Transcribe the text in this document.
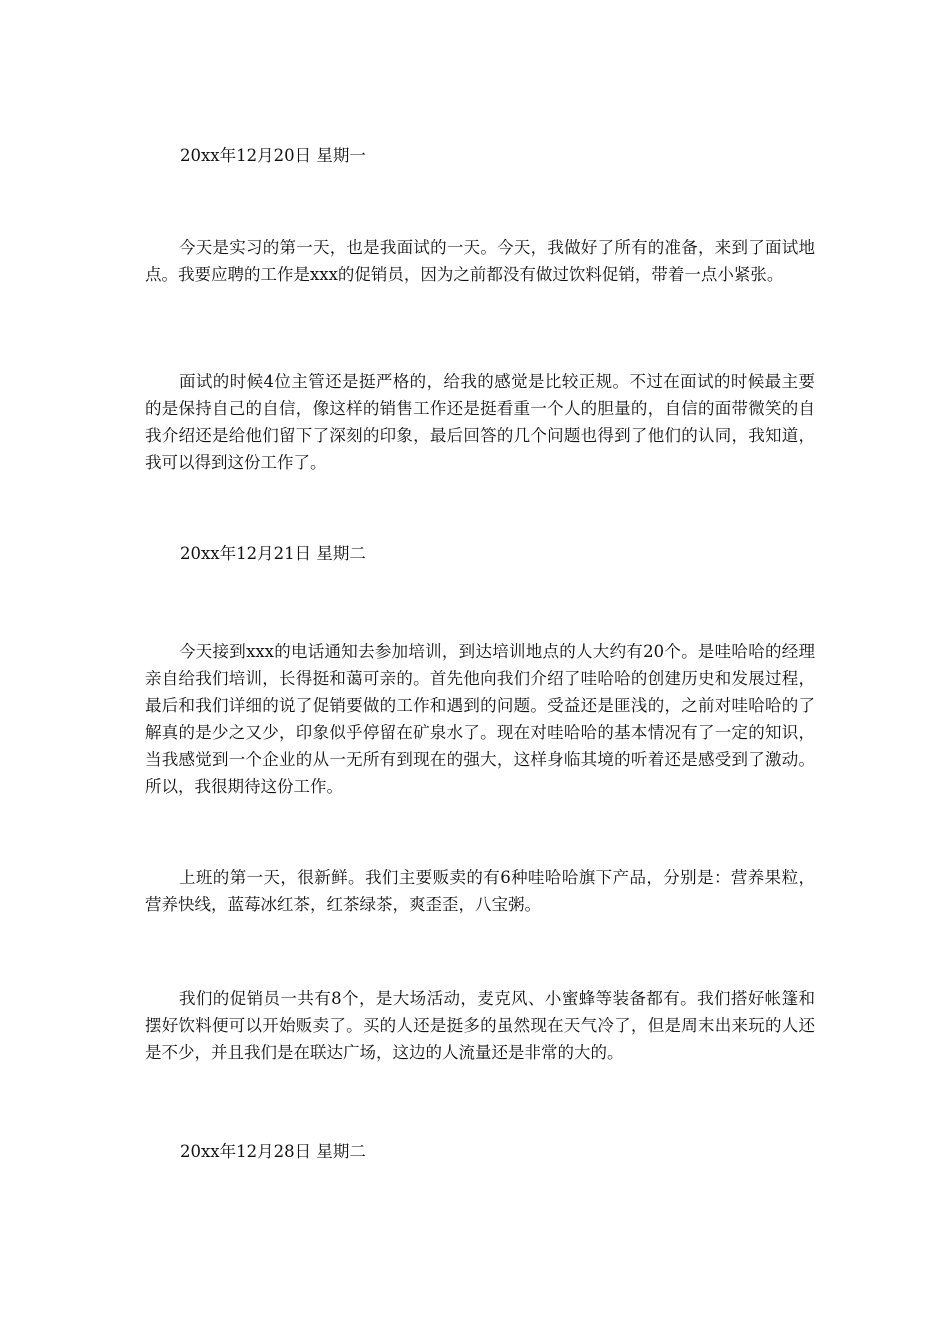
20xx年12月20日 星期一

今天是实习的第一天，也是我面试的一天。今天，我做好了所有的准备，来到了面试地点。我要应聘的工作是xxx的促销员，因为之前都没有做过饮料促销，带着一点小紧张。

面试的时候4位主管还是挺严格的，给我的感觉是比较正规。不过在面试的时候最主要的是保持自己的自信，像这样的销售工作还是挺看重一个人的胆量的，自信的面带微笑的自我介绍还是给他们留下了深刻的印象，最后回答的几个问题也得到了他们的认同，我知道，我可以得到这份工作了。

20xx年12月21日 星期二

今天接到xxx的电话通知去参加培训，到达培训地点的人大约有20个。是哇哈哈的经理亲自给我们培训，长得挺和蔼可亲的。首先他向我们介绍了哇哈哈的创建历史和发展过程，最后和我们详细的说了促销要做的工作和遇到的问题。受益还是匪浅的，之前对哇哈哈的了解真的是少之又少，印象似乎停留在矿泉水了。现在对哇哈哈的基本情况有了一定的知识，当我感觉到一个企业的从一无所有到现在的强大，这样身临其境的听着还是感受到了激动。所以，我很期待这份工作。

上班的第一天，很新鲜。我们主要贩卖的有6种哇哈哈旗下产品，分别是：营养果粒，营养快线，蓝莓冰红茶，红茶绿茶，爽歪歪，八宝粥。

我们的促销员一共有8个，是大场活动，麦克风、小蜜蜂等装备都有。我们搭好帐篷和摆好饮料便可以开始贩卖了。买的人还是挺多的虽然现在天气冷了，但是周末出来玩的人还是不少，并且我们是在联达广场，这边的人流量还是非常的大的。

20xx年12月28日 星期二
